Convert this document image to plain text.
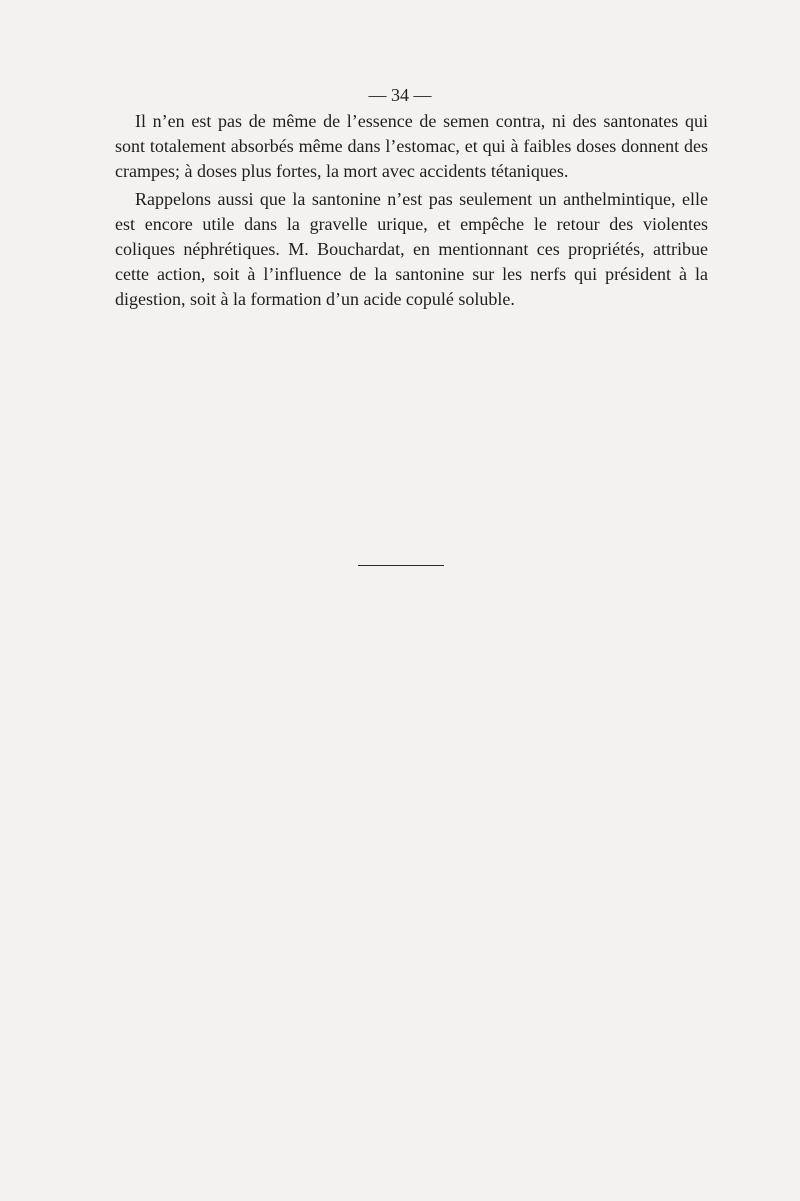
— 34 —

Il n’en est pas de même de l’essence de semen contra, ni des santonates qui sont totalement absorbés même dans l’estomac, et qui à faibles doses donnent des crampes; à doses plus fortes, la mort avec accidents tétaniques.

Rappelons aussi que la santonine n’est pas seulement un anthelmintique, elle est encore utile dans la gravelle urique, et empêche le retour des violentes coliques néphrétiques. M. Bouchardat, en mentionnant ces propriétés, attribue cette action, soit à l’influence de la santonine sur les nerfs qui président à la digestion, soit à la formation d’un acide copulé soluble.
